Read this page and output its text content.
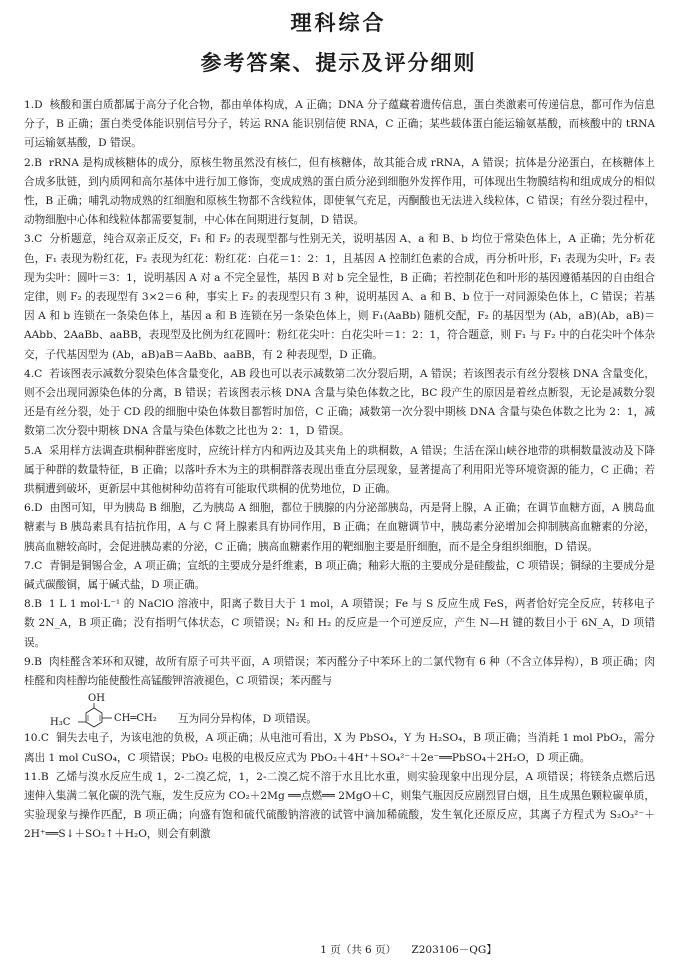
理科综合
参考答案、提示及评分细则

1.D 核酸和蛋白质都属于高分子化合物，都由单体构成，A 正确；DNA 分子蕴藏着遗传信息，蛋白类激素可传递信息，都可作为信息分子，B 正确；蛋白类受体能识别信号分子，转运 RNA 能识别信使 RNA，C 正确；某些载体蛋白能运输氨基酸，而核酸中的 tRNA 可运输氨基酸，D 错误。

2.B rRNA 是构成核糖体的成分，原核生物虽然没有核仁，但有核糖体，故其能合成 rRNA，A 错误；抗体是分泌蛋白，在核糖体上合成多肽链，到内质网和高尔基体中进行加工修饰，变成成熟的蛋白质分泌到细胞外发挥作用，可体现出生物膜结构和组成成分的相似性，B 正确；哺乳动物成熟的红细胞和原核生物都不含线粒体，即使氧气充足，丙酮酸也无法进入线粒体，C 错误；有丝分裂过程中，动物细胞中心体和线粒体都需要复制，中心体在间期进行复制，D 错误。

3.C 分析题意，纯合双亲正反交，F₁ 和 F₂ 的表现型都与性别无关，说明基因 A、a 和 B、b 均位于常染色体上，A 正确；先分析花色，F₁ 表现为粉红花，F₂ 表现为红花：粉红花：白花＝1：2：1，且基因 A 控制红色素的合成，再分析叶形，F₁ 表现为尖叶，F₂ 表现为尖叶：圆叶＝3：1，说明基因 A 对 a 不完全显性，基因 B 对 b 完全显性，B 正确；若控制花色和叶形的基因遵循基因的自由组合定律，则 F₂ 的表现型有 3×2＝6 种，事实上 F₂ 的表现型只有 3 种，说明基因 A、a 和 B、b 位于一对同源染色体上，C 错误；若基因 A 和 b 连锁在一条染色体上，基因 a 和 B 连锁在另一条染色体上，则 F₁(AaBb) 随机交配，F₂ 的基因型为 (Ab，aB)(Ab，aB)＝AAbb、2AaBb、aaBB，表现型及比例为红花圆叶：粉红花尖叶：白花尖叶＝1：2：1，符合题意，则 F₁ 与 F₂ 中的白花尖叶个体杂交，子代基因型为 (Ab，aB)aB＝AaBb、aaBB，有 2 种表现型，D 正确。

4.C 若该图表示减数分裂染色体含量变化，AB 段也可以表示减数第二次分裂后期，A 错误；若该图表示有丝分裂核 DNA 含量变化，则不会出现同源染色体的分离，B 错误；若该图表示核 DNA 含量与染色体数之比，BC 段产生的原因是着丝点断裂，无论是减数分裂还是有丝分裂，处于 CD 段的细胞中染色体数目都暂时加倍，C 正确；减数第一次分裂中期核 DNA 含量与染色体数之比为 2：1，减数第二次分裂中期核 DNA 含量与染色体数之比也为 2：1，D 错误。

5.A 采用样方法调查珙桐种群密度时，应统计样方内和两边及其夹角上的珙桐数，A 错误；生活在深山峡谷地带的珙桐数量波动及下降属于种群的数量特征，B 正确；以落叶乔木为主的珙桐群落表现出垂直分层现象，显著提高了利用阳光等环境资源的能力，C 正确；若珙桐遭到破坏，更新层中其他树种幼苗将有可能取代珙桐的优势地位，D 正确。

6.D 由图可知，甲为胰岛 B 细胞，乙为胰岛 A 细胞，都位于胰腺的内分泌部胰岛，丙是肾上腺，A 正确；在调节血糖方面，A 胰岛血糖素与 B 胰岛素具有拮抗作用，A 与 C 肾上腺素具有协同作用，B 正确；在血糖调节中，胰岛素分泌增加会抑制胰高血糖素的分泌，胰高血糖较高时，会促进胰岛素的分泌，C 正确；胰高血糖素作用的靶细胞主要是肝细胞，而不是全身组织细胞，D 错误。

7.C 青铜是铜锡合金，A 项正确；宣纸的主要成分是纤维素，B 项正确；釉彩大瓶的主要成分是硅酸盐，C 项错误；铜绿的主要成分是碱式碳酸铜，属于碱式盐，D 项正确。

8.B 1 L 1 mol·L⁻¹ 的 NaClO 溶液中，阳离子数目大于 1 mol，A 项错误；Fe 与 S 反应生成 FeS，两者恰好完全反应，转移电子数 2N_A，B 项正确；没有指明气体状态，C 项错误；N₂ 和 H₂ 的反应是一个可逆反应，产生 N—H 键的数目小于 6N_A，D 项错误。

9.B 肉桂醛含苯环和双键，故所有原子可共平面，A 项错误；苯丙醛分子中苯环上的二氯代物有 6 种（不含立体异构），B 项正确；肉桂醛和肉桂醇均能使酸性高锰酸钾溶液褪色，C 项错误；苯丙醛与

OH
H₃C	CH═CH₂ 互为同分异构体，D 项错误。

10.C 铜失去电子，为该电池的负极，A 项正确；从电池可看出，X 为 PbSO₄，Y 为 H₂SO₄，B 项正确；当消耗 1 mol PbO₂，需分离出 1 mol CuSO₄，C 项错误；PbO₂ 电极的电极反应式为 PbO₂＋4H⁺＋SO₄²⁻＋2e⁻══PbSO₄＋2H₂O，D 项正确。

11.B 乙烯与溴水反应生成 1，2-二溴乙烷，1，2-二溴乙烷不溶于水且比水重，则实验现象中出现分层，A 项错误；将镁条点燃后迅速伸入集满二氧化碳的洗气瓶，发生反应为 CO₂＋2Mg ══点燃══ 2MgO＋C，则集气瓶因反应剧烈冒白烟，且生成黑色颗粒碳单质，实验现象与操作匹配，B 项正确；向盛有饱和硫代硫酸钠溶液的试管中滴加稀硫酸，发生氧化还原反应，其离子方程式为 S₂O₃²⁻＋2H⁺══S↓＋SO₂↑＋H₂O，则会有刺激

1 页（共 6 页） Z203106－QG】
